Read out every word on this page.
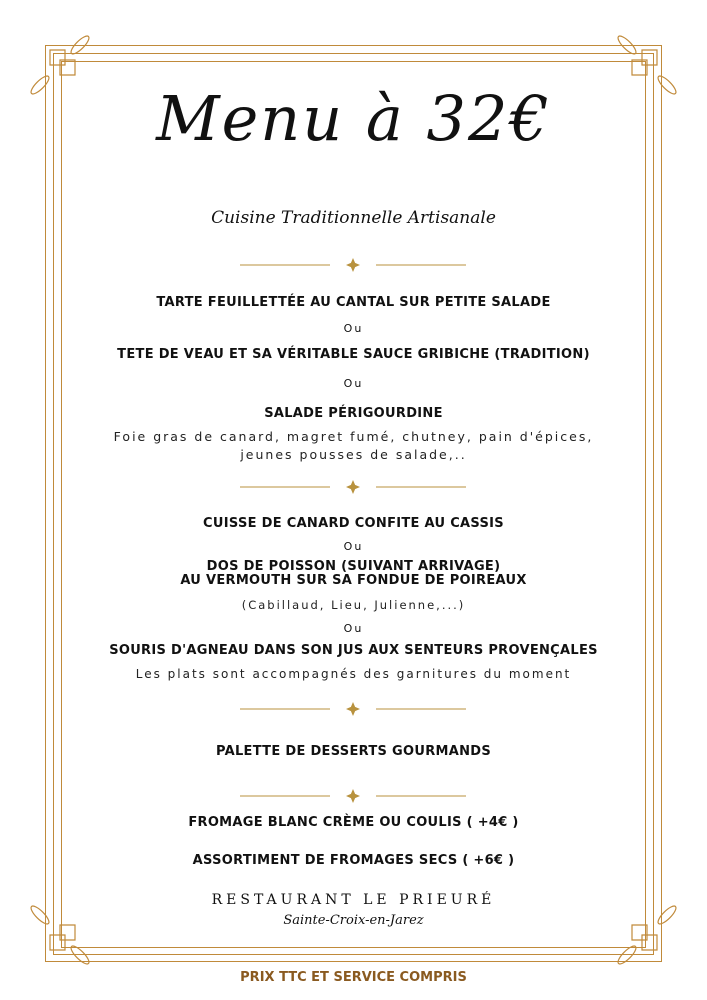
Menu à 32€
Cuisine Traditionnelle Artisanale
TARTE FEUILLETTÉE AU CANTAL SUR PETITE SALADE
Ou
TETE DE VEAU ET SA VÉRITABLE SAUCE GRIBICHE (TRADITION)
Ou
SALADE PÉRIGOURDINE
Foie gras de canard, magret fumé, chutney, pain d'épices,
jeunes pousses de salade,..
CUISSE DE CANARD CONFITE AU CASSIS
Ou
DOS DE POISSON (SUIVANT ARRIVAGE)
AU VERMOUTH SUR SA FONDUE DE POIREAUX
(Cabillaud, Lieu, Julienne,...)
Ou
SOURIS D'AGNEAU DANS SON JUS AUX SENTEURS PROVENÇALES
Les plats sont accompagnés des garnitures du moment
PALETTE DE DESSERTS GOURMANDS
FROMAGE BLANC CRÈME OU COULIS ( +4€ )
ASSORTIMENT DE FROMAGES SECS ( +6€ )
RESTAURANT LE PRIEURÉ
Sainte-Croix-en-Jarez
PRIX TTC ET SERVICE COMPRIS
